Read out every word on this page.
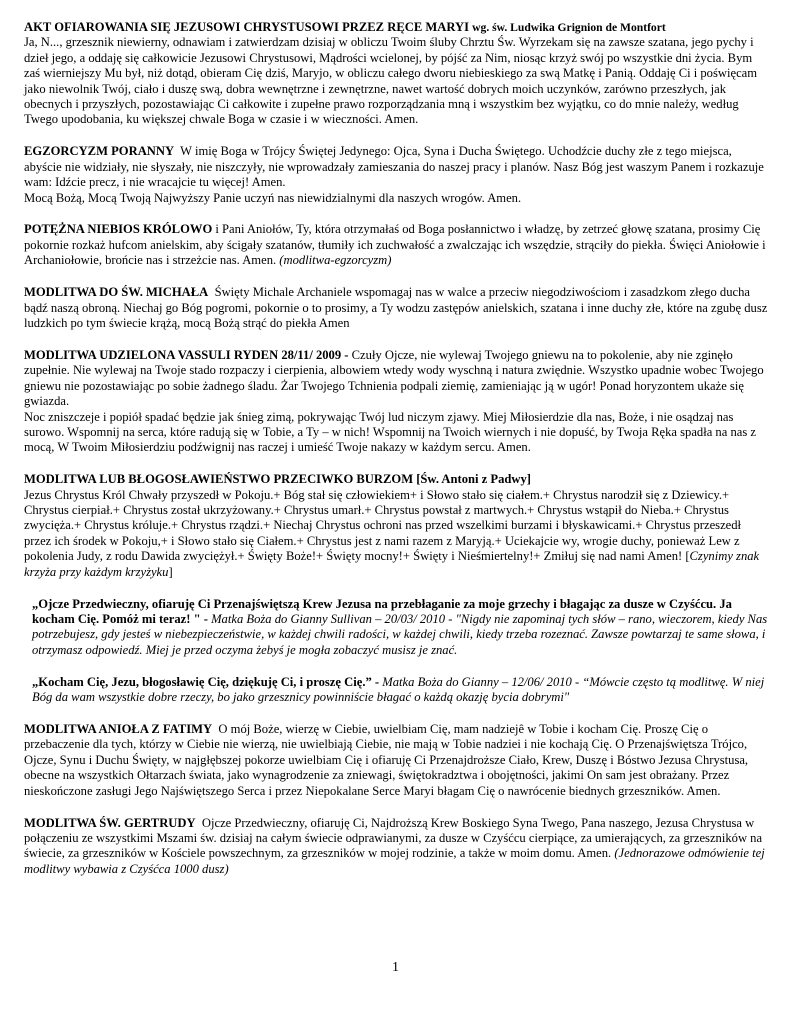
AKT OFIAROWANIA SIĘ JEZUSOWI CHRYSTUSOWI PRZEZ RĘCE MARYI wg. św. Ludwika Grignion de Montfort
Ja, N..., grzesznik niewierny, odnawiam i zatwierdzam dzisiaj w obliczu Twoim śluby Chrztu Św. Wyrzekam się na zawsze szatana, jego pychy i dzieł jego, a oddaję się całkowicie Jezusowi Chrystusowi, Mądrości wcielonej, by pójść za Nim, niosąc krzyż swój po wszystkie dni życia. Bym zaś wierniejszy Mu był, niż dotąd, obieram Cię dziś, Maryjo, w obliczu całego dworu niebieskiego za swą Matkę i Panią. Oddaję Ci i poświęcam jako niewolnik Twój, ciało i duszę swą, dobra wewnętrzne i zewnętrzne, nawet wartość dobrych moich uczynków, zarówno przeszłych, jak obecnych i przyszłych, pozostawiając Ci całkowite i zupełne prawo rozporządzania mną i wszystkim bez wyjątku, co do mnie należy, według Twego upodobania, ku większej chwale Boga w czasie i w wieczności. Amen.

EGZORCYZM PORANNY W imię Boga w Trójcy Świętej Jedynego: Ojca, Syna i Ducha Świętego. Uchodźcie duchy złe z tego miejsca, abyście nie widziały, nie słyszały, nie niszczyły, nie wprowadzały zamieszania do naszej pracy i planów. Nasz Bóg jest waszym Panem i rozkazuje wam: Idźcie precz, i nie wracajcie tu więcej! Amen.
Mocą Bożą, Mocą Twoją Najwyższy Panie uczyń nas niewidzialnymi dla naszych wrogów. Amen.

POTĘŻNA NIEBIOS KRÓLOWO i Pani Aniołów, Ty, która otrzymałaś od Boga posłannictwo i władzę, by zetrzeć głowę szatana, prosimy Cię pokornie rozkaż hufcom anielskim, aby ścigały szatanów, tłumiły ich zuchwałość a zwalczając ich wszędzie, strąciły do piekła. Święci Aniołowie i Archaniołowie, brońcie nas i strzeżcie nas. Amen. (modlitwa-egzorcyzm)

MODLITWA DO ŚW. MICHAŁA Święty Michale Archaniele wspomagaj nas w walce a przeciw niegodziwościom i zasadzkom złego ducha bądź naszą obroną. Niechaj go Bóg pogromi, pokornie o to prosimy, a Ty wodzu zastępów anielskich, szatana i inne duchy złe, które na zgubę dusz ludzkich po tym świecie krążą, mocą Bożą strąć do piekła Amen

MODLITWA UDZIELONA VASSULI RYDEN 28/11/ 2009 - Czuły Ojcze, nie wylewaj Twojego gniewu na to pokolenie, aby nie zginęło zupełnie. Nie wylewaj na Twoje stado rozpaczy i cierpienia, albowiem wtedy wody wyschną i natura zwiędnie. Wszystko upadnie wobec Twojego gniewu nie pozostawiając po sobie żadnego śladu. Żar Twojego Tchnienia podpali ziemię, zamieniając ją w ugór! Ponad horyzontem ukaże się gwiazda.
Noc zniszczeje i popiół spadać będzie jak śnieg zimą, pokrywając Twój lud niczym zjawy. Miej Miłosierdzie dla nas, Boże, i nie osądzaj nas surowo. Wspomnij na serca, które radują się w Tobie, a Ty – w nich! Wspomnij na Twoich wiernych i nie dopuść, by Twoja Ręka spadła na nas z mocą, W Twoim Miłosierdziu podźwignij nas raczej i umieść Twoje nakazy w każdym sercu. Amen.

MODLITWA LUB BŁOGOSŁAWIEŃSTWO PRZECIWKO BURZOM [Św. Antoni z Padwy]
Jezus Chrystus Król Chwały przyszedł w Pokoju.+ Bóg stał się człowiekiem+ i Słowo stało się ciałem.+ Chrystus narodził się z Dziewicy.+ Chrystus cierpiał.+ Chrystus został ukrzyżowany.+ Chrystus umarł.+ Chrystus powstał z martwych.+ Chrystus wstąpił do Nieba.+ Chrystus zwycięża.+ Chrystus króluje.+ Chrystus rządzi.+ Niechaj Chrystus ochroni nas przed wszelkimi burzami i błyskawicami.+ Chrystus przeszedł przez ich środek w Pokoju,+ i Słowo stało się Ciałem.+ Chrystus jest z nami razem z Maryją.+ Uciekajcie wy, wrogie duchy, ponieważ Lew z pokolenia Judy, z rodu Dawida zwyciężył.+ Święty Boże!+ Święty mocny!+ Święty i Nieśmiertelny!+ Zmiłuj się nad nami Amen! [Czynimy znak krzyża przy każdym krzyżyku]

„Ojcze Przedwieczny, ofiaruję Ci Przenajświętszą Krew Jezusa na przebłaganie za moje grzechy i błagając za dusze w Czyśćcu. Ja kocham Cię. Pomóż mi teraz! " - Matka Boża do Gianny Sullivan – 20/03/ 2010 - "Nigdy nie zapominaj tych słów – rano, wieczorem, kiedy Nas potrzebujesz, gdy jesteś w niebezpieczeństwie, w każdej chwili radości, w każdej chwili, kiedy trzeba rozeznać. Zawsze powtarzaj te same słowa, i otrzymasz odpowiedź. Miej je przed oczyma żebyś je mogła zobaczyć musisz je znać.

„Kocham Cię, Jezu, błogosławię Cię, dziękuję Ci, i proszę Cię.” - Matka Boża do Gianny – 12/06/ 2010 - “Mówcie często tą modlitwę. W niej Bóg da wam wszystkie dobre rzeczy, bo jako grzesznicy powinniście błagać o każdą okazję bycia dobrymi"

MODLITWA ANIOŁA Z FATIMY O mój Boże, wierzę w Ciebie, uwielbiam Cię, mam nadziejê w Tobie i kocham Cię. Proszę Cię o przebaczenie dla tych, którzy w Ciebie nie wierzą, nie uwielbiają Ciebie, nie mają w Tobie nadziei i nie kochają Cię. O Przenajświętsza Trójco, Ojcze, Synu i Duchu Święty, w najgłębszej pokorze uwielbiam Cię i ofiaruję Ci Przenajdroższe Ciało, Krew, Duszę i Bóstwo Jezusa Chrystusa, obecne na wszystkich Ołtarzach świata, jako wynagrodzenie za zniewagi, świętokradztwa i obojętności, jakimi On sam jest obrażany. Przez nieskończone zasługi Jego Najświętszego Serca i przez Niepokalane Serce Maryi błagam Cię o nawrócenie biednych grzeszników. Amen.

MODLITWA ŚW. GERTRUDY Ojcze Przedwieczny, ofiaruję Ci, Najdroższą Krew Boskiego Syna Twego, Pana naszego, Jezusa Chrystusa w połączeniu ze wszystkimi Mszami św. dzisiaj na całym świecie odprawianymi, za dusze w Czyśćcu cierpiące, za umierających, za grzeszników na świecie, za grzeszników w Kościele powszechnym, za grzeszników w mojej rodzinie, a także w moim domu. Amen. (Jednorazowe odmówienie tej modlitwy wybawia z Czyśćca 1000 dusz)

1
